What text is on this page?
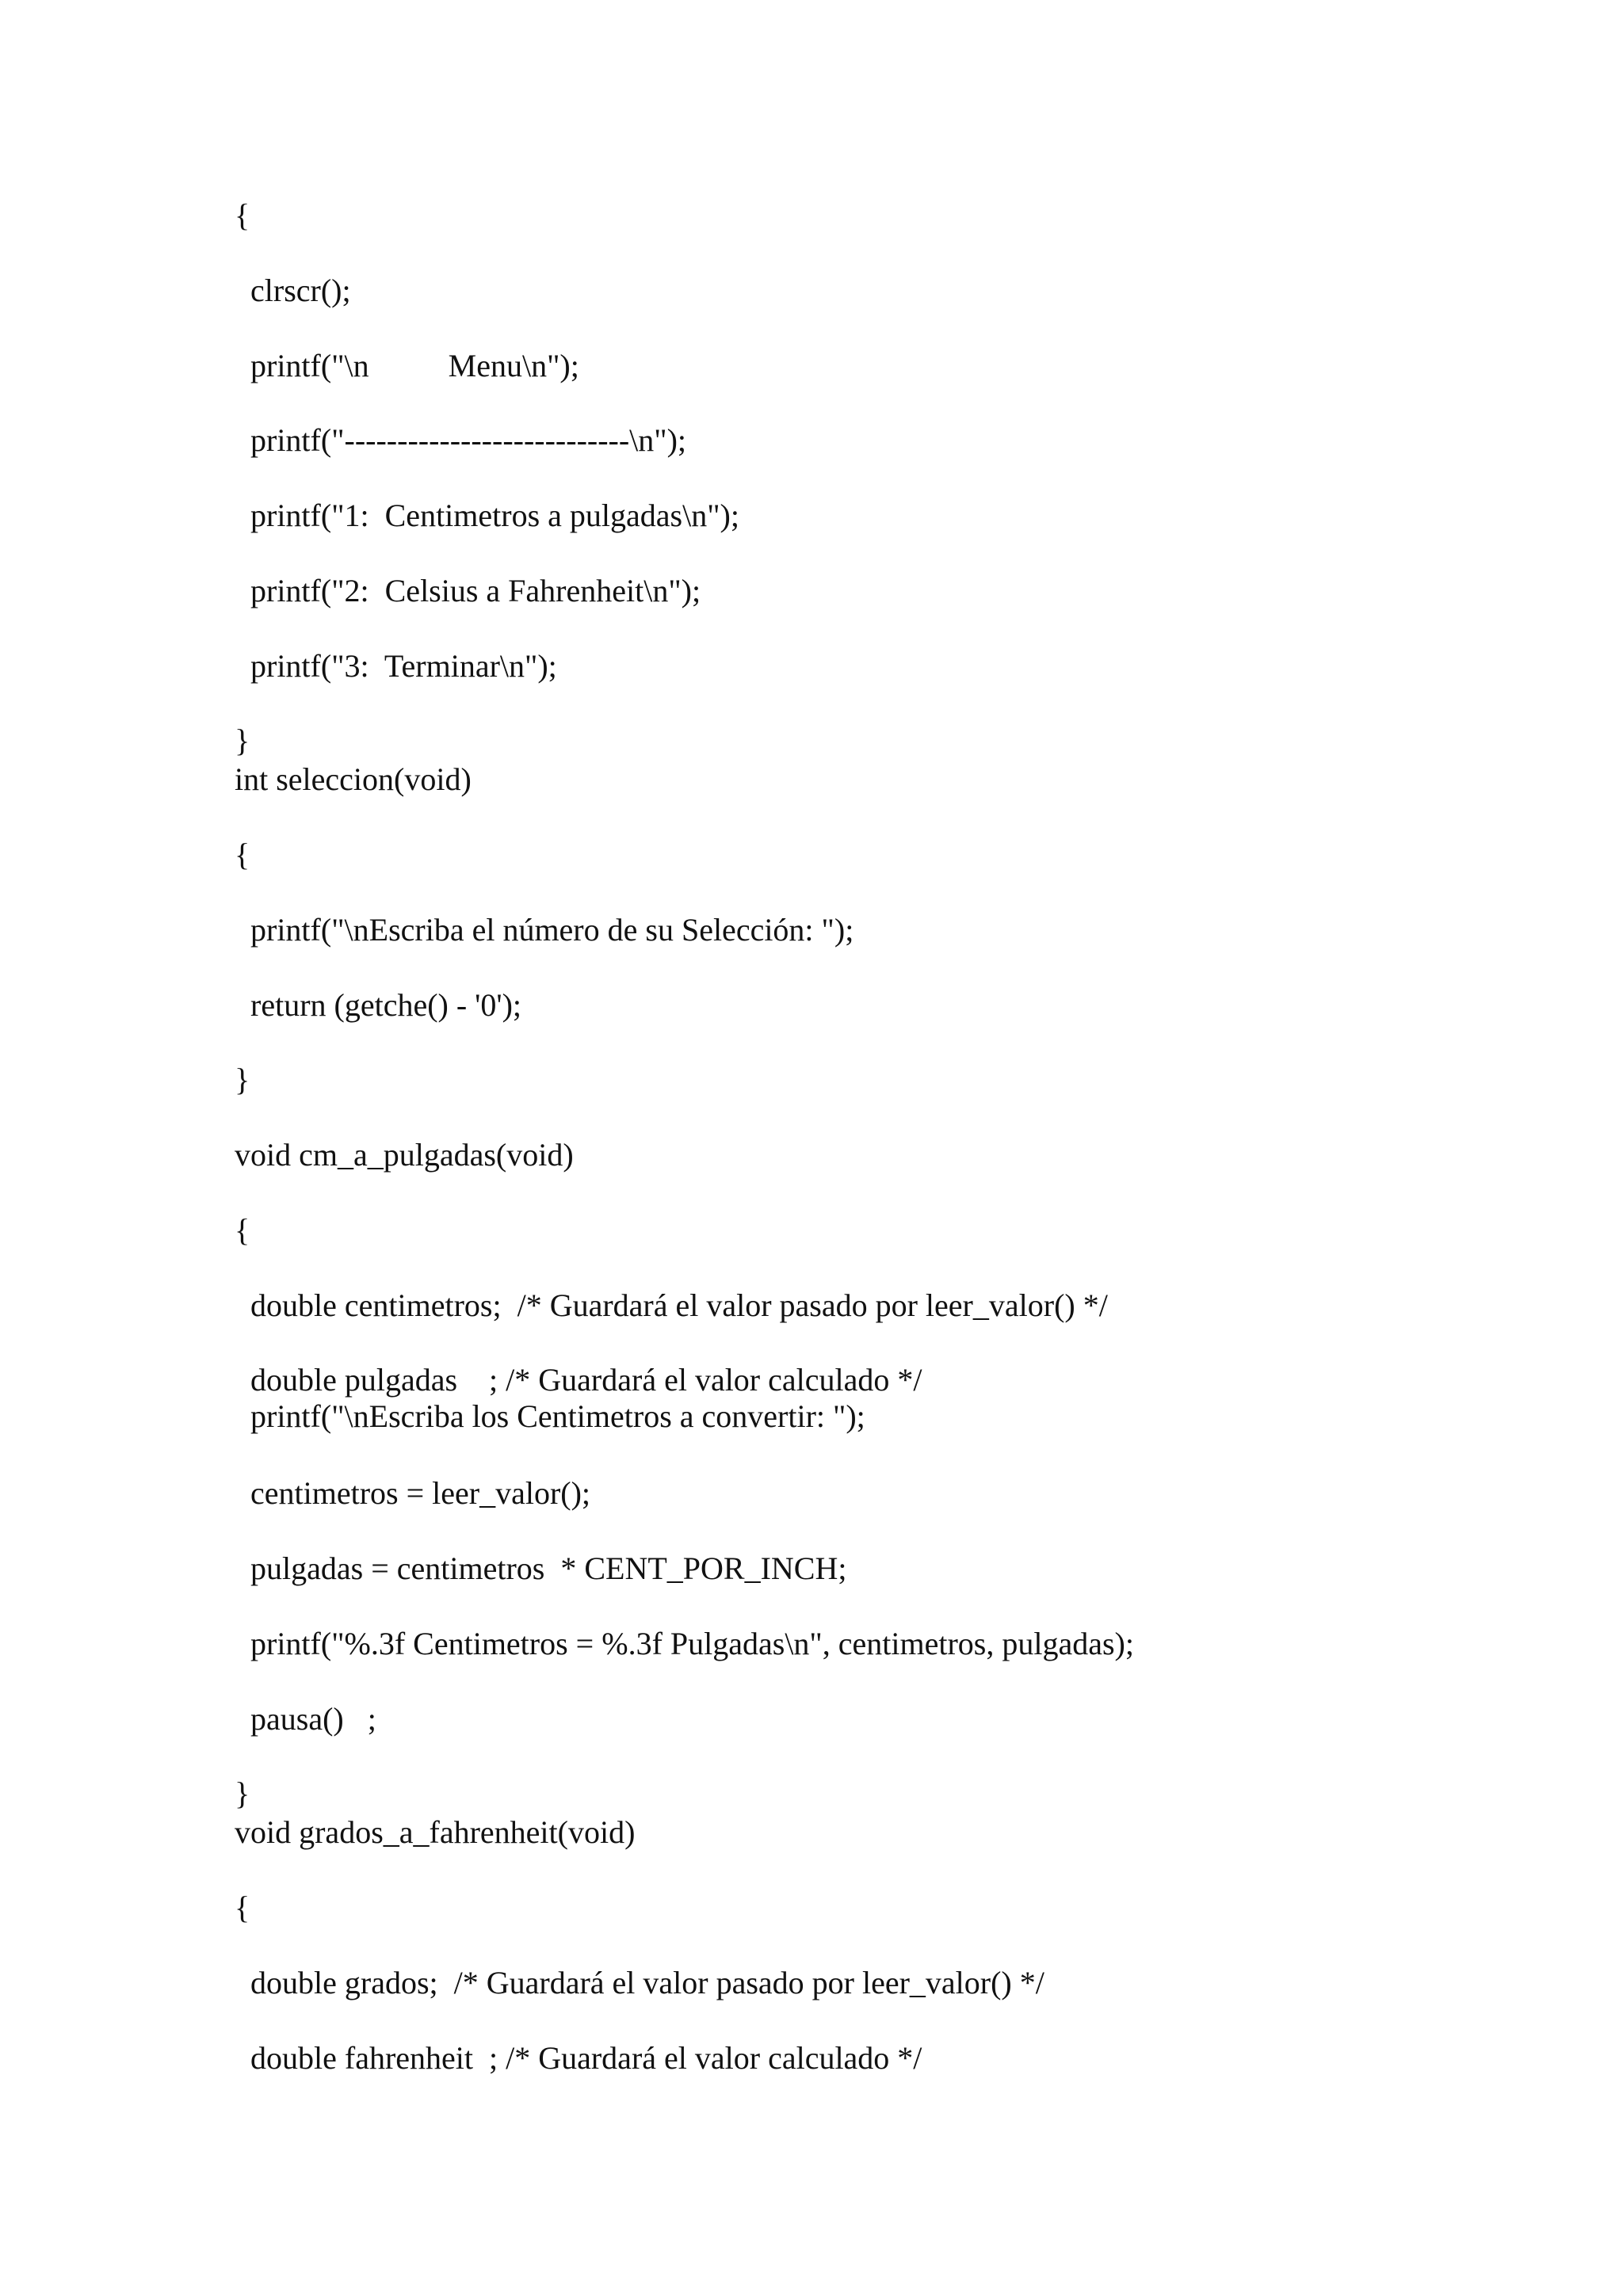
{
clrscr();
printf("\n          Menu\n");
printf("---------------------------\n");
printf("1:  Centimetros a pulgadas\n");
printf("2:  Celsius a Fahrenheit\n");
printf("3:  Terminar\n");
}
int seleccion(void)
{
printf("\nEscriba el número de su Selección: ");
return (getche() - '0');
}
void cm_a_pulgadas(void)
{
double centimetros;  /* Guardará el valor pasado por leer_valor() */
double pulgadas    ; /* Guardará el valor calculado */
printf("\nEscriba los Centimetros a convertir: ");
centimetros = leer_valor();
pulgadas = centimetros  * CENT_POR_INCH;
printf("%.3f Centimetros = %.3f Pulgadas\n", centimetros, pulgadas);
pausa()   ;
}
void grados_a_fahrenheit(void)
{
double grados;  /* Guardará el valor pasado por leer_valor() */
double fahrenheit  ; /* Guardará el valor calculado */
